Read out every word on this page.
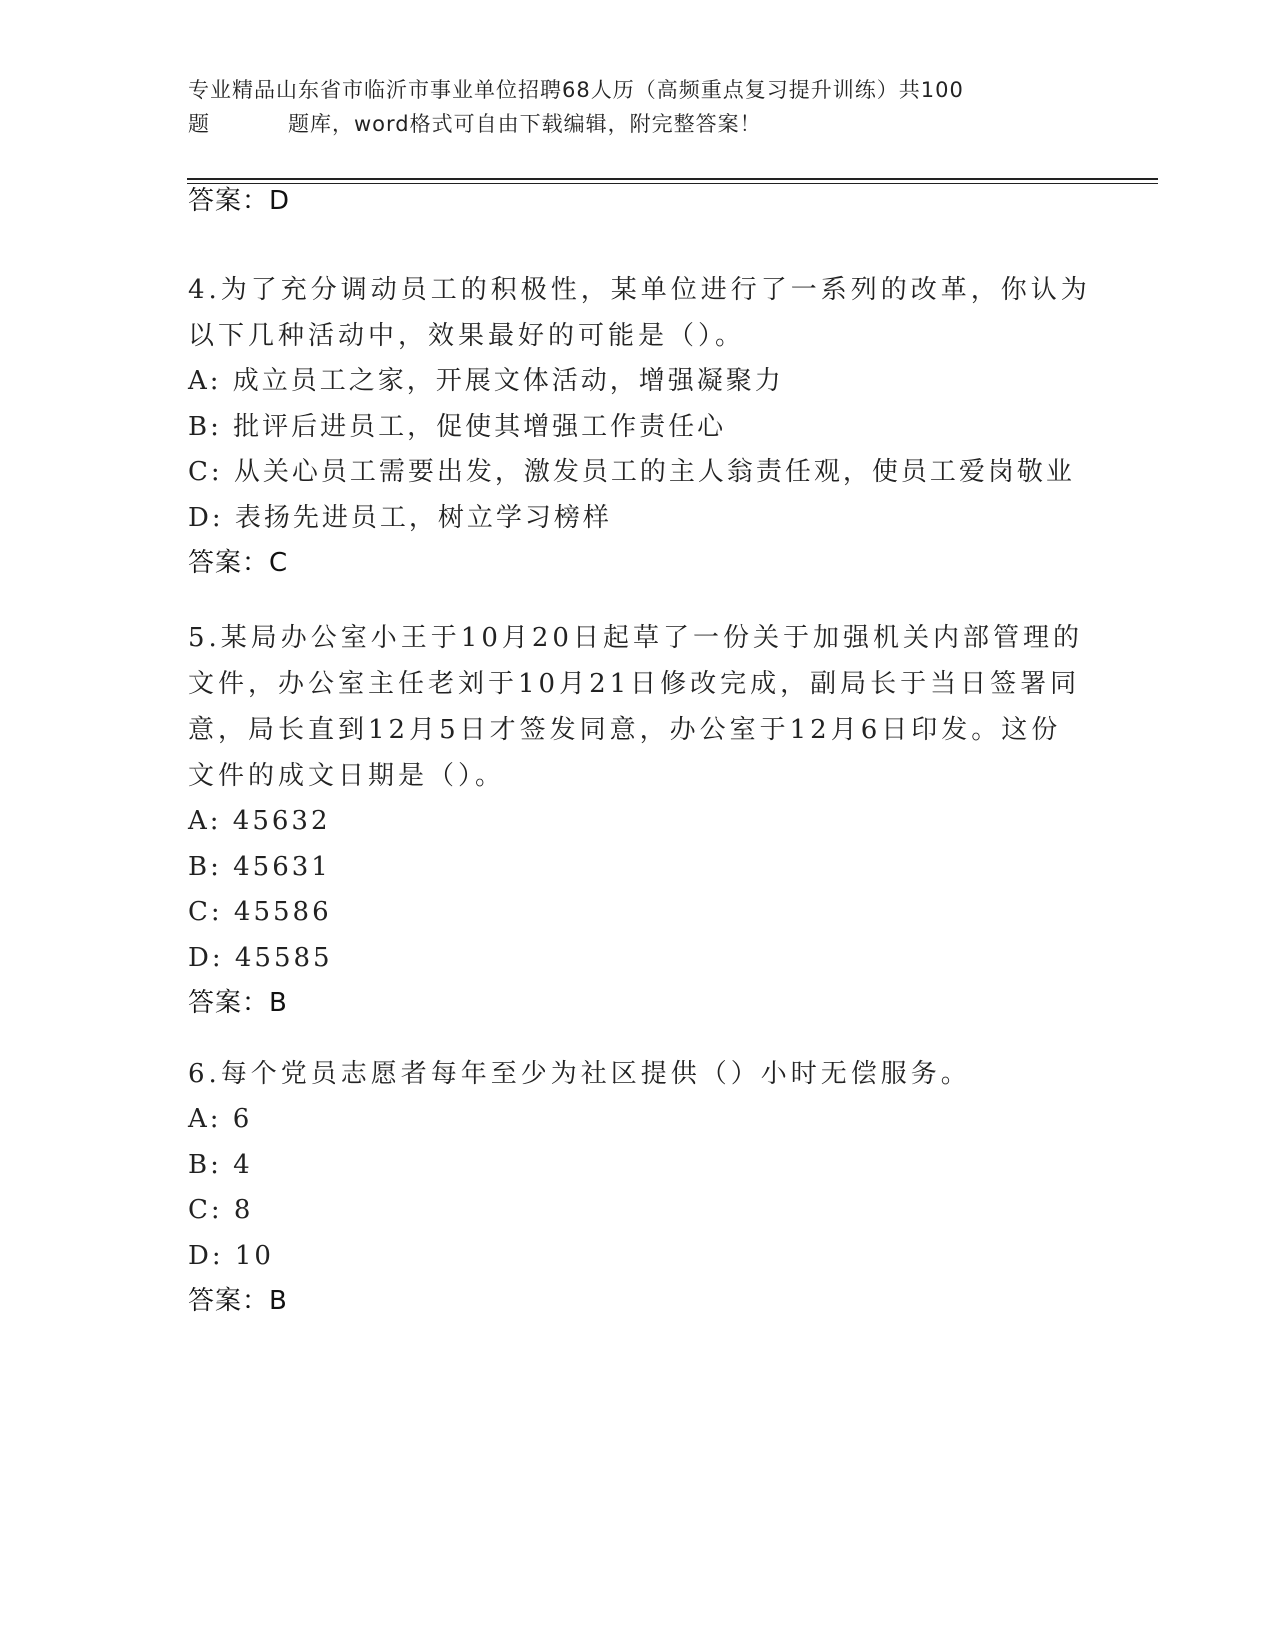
专业精品山东省市临沂市事业单位招聘68人历（高频重点复习提升训练）共100
题	题库，word格式可自由下载编辑，附完整答案！
答案：D
4.为了充分调动员工的积极性，某单位进行了一系列的改革，你认为
以下几种活动中，效果最好的可能是（）。
A: 成立员工之家，开展文体活动，增强凝聚力
B: 批评后进员工，促使其增强工作责任心
C: 从关心员工需要出发，激发员工的主人翁责任观，使员工爱岗敬业
D: 表扬先进员工，树立学习榜样
答案：C
5.某局办公室小王于10月20日起草了一份关于加强机关内部管理的
文件，办公室主任老刘于10月21日修改完成，副局长于当日签署同
意，局长直到12月5日才签发同意，办公室于12月6日印发。这份
文件的成文日期是（）。
A: 45632
B: 45631
C: 45586
D: 45585
答案：B
6.每个党员志愿者每年至少为社区提供（）小时无偿服务。
A: 6
B: 4
C: 8
D: 10
答案：B
